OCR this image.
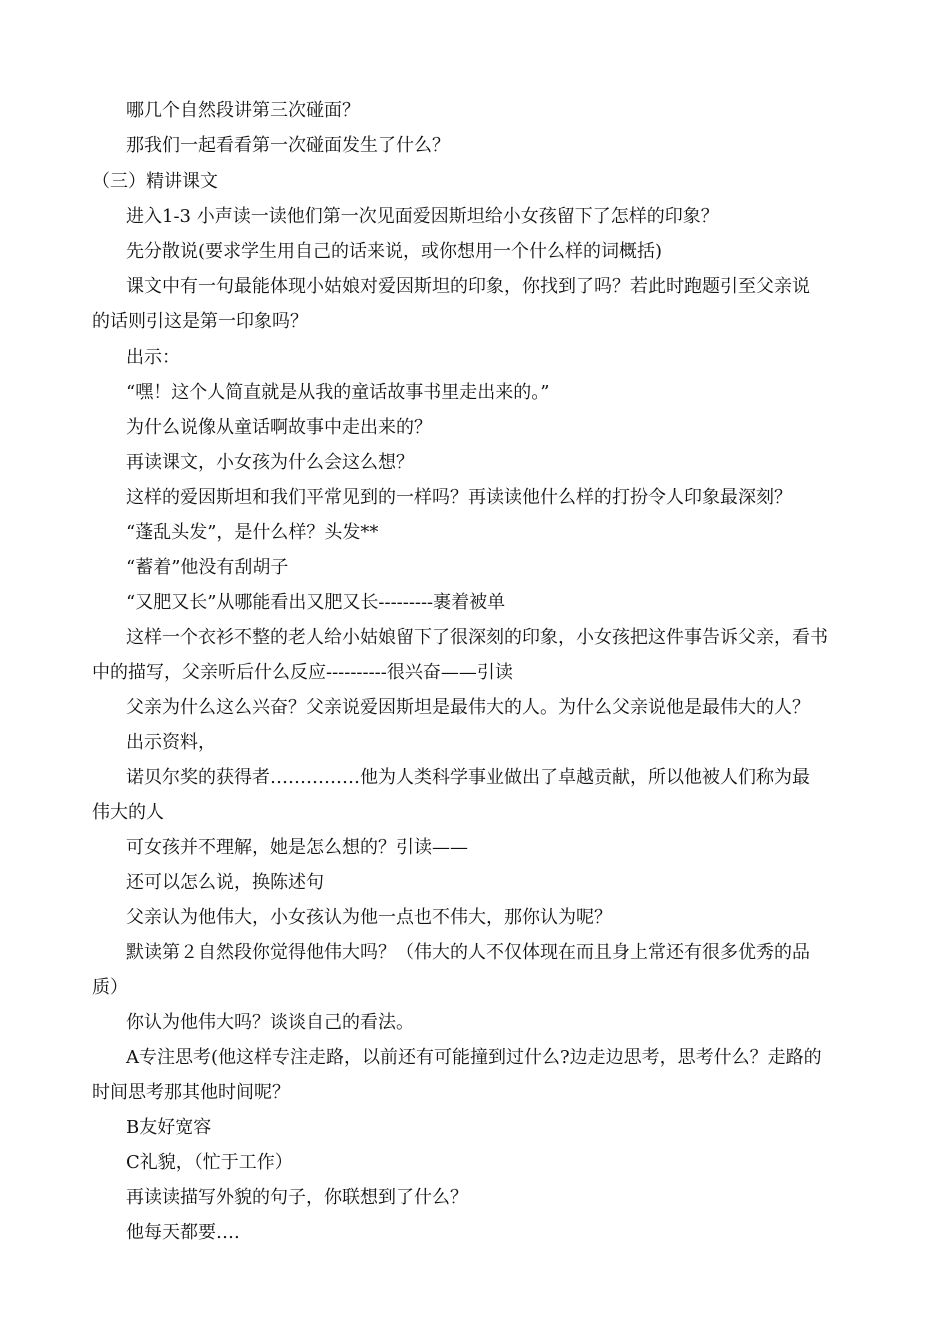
哪几个自然段讲第三次碰面？
那我们一起看看第一次碰面发生了什么？
（三）精讲课文
进入1-3 小声读一读他们第一次见面爱因斯坦给小女孩留下了怎样的印象？
先分散说(要求学生用自己的话来说，或你想用一个什么样的词概括)
课文中有一句最能体现小姑娘对爱因斯坦的印象，你找到了吗？若此时跑题引至父亲说
的话则引这是第一印象吗？
出示：
“嘿！这个人简直就是从我的童话故事书里走出来的。”
为什么说像从童话啊故事中走出来的？
再读课文，小女孩为什么会这么想？
这样的爱因斯坦和我们平常见到的一样吗？再读读他什么样的打扮令人印象最深刻？
“蓬乱头发”，是什么样？头发**
“蓄着”他没有刮胡子
“又肥又长”从哪能看出又肥又长---------裹着被单
这样一个衣衫不整的老人给小姑娘留下了很深刻的印象，小女孩把这件事告诉父亲，看书
中的描写，父亲听后什么反应----------很兴奋——引读
父亲为什么这么兴奋？父亲说爱因斯坦是最伟大的人。为什么父亲说他是最伟大的人？
出示资料，
诺贝尔奖的获得者……………他为人类科学事业做出了卓越贡献，所以他被人们称为最
伟大的人
可女孩并不理解，她是怎么想的？引读——
还可以怎么说，换陈述句
父亲认为他伟大，小女孩认为他一点也不伟大，那你认为呢？
默读第２自然段你觉得他伟大吗？（伟大的人不仅体现在而且身上常还有很多优秀的品
质）
你认为他伟大吗？谈谈自己的看法。
A专注思考(他这样专注走路，以前还有可能撞到过什么?边走边思考，思考什么？走路的
时间思考那其他时间呢？
B友好宽容
C礼貌，（忙于工作）
再读读描写外貌的句子，你联想到了什么？
他每天都要….
